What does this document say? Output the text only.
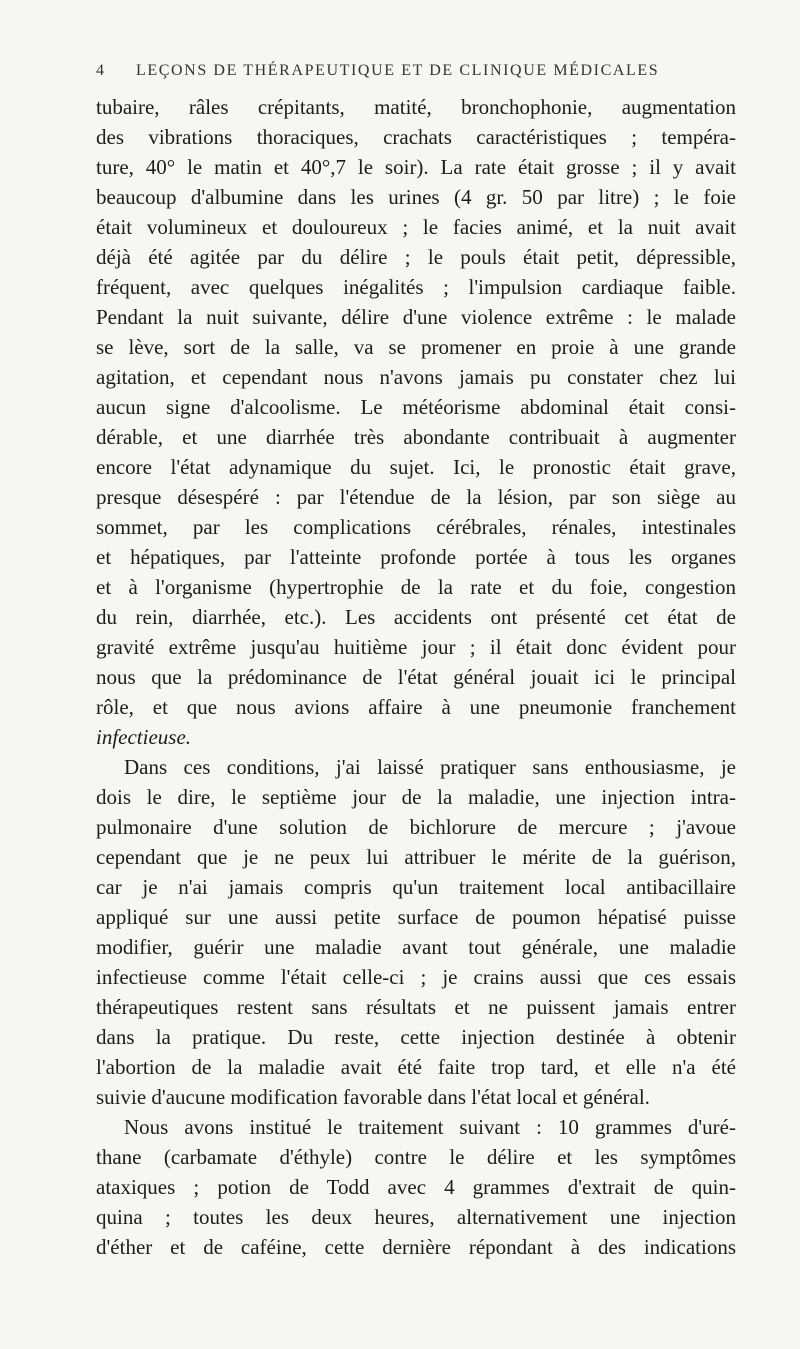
4 LEÇONS DE THÉRAPEUTIQUE ET DE CLINIQUE MÉDICALES
tubaire, râles crépitants, matité, bronchophonie, augmentation
des vibrations thoraciques, crachats caractéristiques ; tempéra-
ture, 40° le matin et 40°,7 le soir). La rate était grosse ; il y avait
beaucoup d'albumine dans les urines (4 gr. 50 par litre) ; le foie
était volumineux et douloureux ; le facies animé, et la nuit avait
déjà été agitée par du délire ; le pouls était petit, dépressible,
fréquent, avec quelques inégalités ; l'impulsion cardiaque faible.
Pendant la nuit suivante, délire d'une violence extrême : le malade
se lève, sort de la salle, va se promener en proie à une grande
agitation, et cependant nous n'avons jamais pu constater chez lui
aucun signe d'alcoolisme. Le météorisme abdominal était consi-
dérable, et une diarrhée très abondante contribuait à augmenter
encore l'état adynamique du sujet. Ici, le pronostic était grave,
presque désespéré : par l'étendue de la lésion, par son siège au
sommet, par les complications cérébrales, rénales, intestinales
et hépatiques, par l'atteinte profonde portée à tous les organes
et à l'organisme (hypertrophie de la rate et du foie, congestion
du rein, diarrhée, etc.). Les accidents ont présenté cet état de
gravité extrême jusqu'au huitième jour ; il était donc évident pour
nous que la prédominance de l'état général jouait ici le principal
rôle, et que nous avions affaire à une pneumonie franchement
infectieuse.
Dans ces conditions, j'ai laissé pratiquer sans enthousiasme, je
dois le dire, le septième jour de la maladie, une injection intra-
pulmonaire d'une solution de bichlorure de mercure ; j'avoue
cependant que je ne peux lui attribuer le mérite de la guérison,
car je n'ai jamais compris qu'un traitement local antibacillaire
appliqué sur une aussi petite surface de poumon hépatisé puisse
modifier, guérir une maladie avant tout générale, une maladie
infectieuse comme l'était celle-ci ; je crains aussi que ces essais
thérapeutiques restent sans résultats et ne puissent jamais entrer
dans la pratique. Du reste, cette injection destinée à obtenir
l'abortion de la maladie avait été faite trop tard, et elle n'a été
suivie d'aucune modification favorable dans l'état local et général.
Nous avons institué le traitement suivant : 10 grammes d'uré-
thane (carbamate d'éthyle) contre le délire et les symptômes
ataxiques ; potion de Todd avec 4 grammes d'extrait de quin-
quina ; toutes les deux heures, alternativement une injection
d'éther et de caféine, cette dernière répondant à des indications
